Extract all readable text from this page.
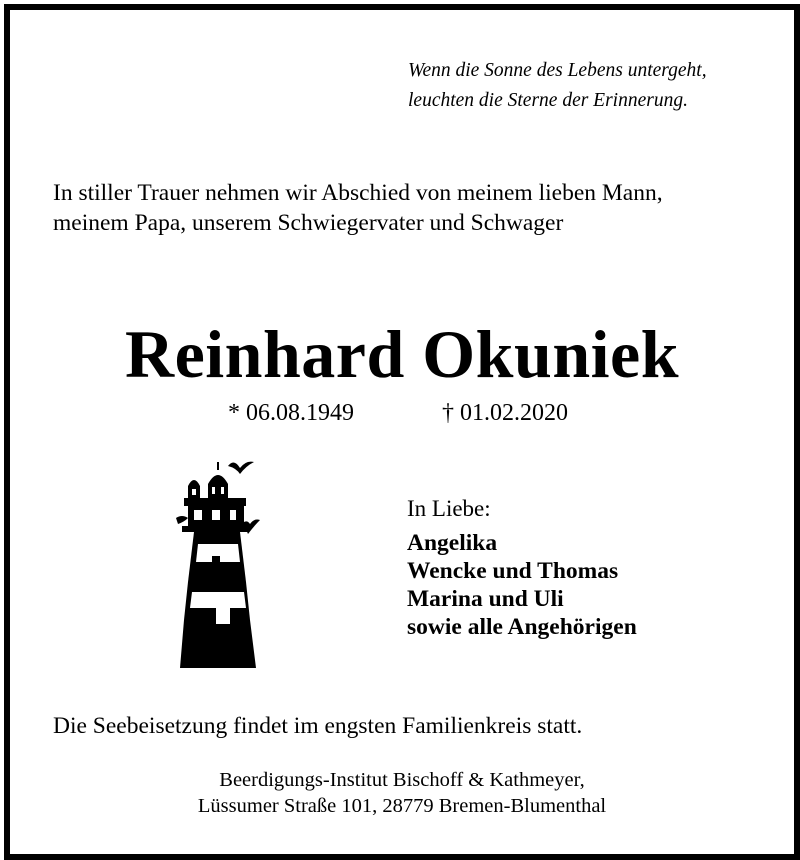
Wenn die Sonne des Lebens untergeht,
leuchten die Sterne der Erinnerung.
In stiller Trauer nehmen wir Abschied von meinem lieben Mann,
meinem Papa, unserem Schwiegervater und Schwager
Reinhard Okuniek
* 06.08.1949	† 01.02.2020
In Liebe:
Angelika
Wencke und Thomas
Marina und Uli
sowie alle Angehörigen
Die Seebeisetzung findet im engsten Familienkreis statt.
Beerdigungs-Institut Bischoff & Kathmeyer,
Lüssumer Straße 101, 28779 Bremen-Blumenthal
